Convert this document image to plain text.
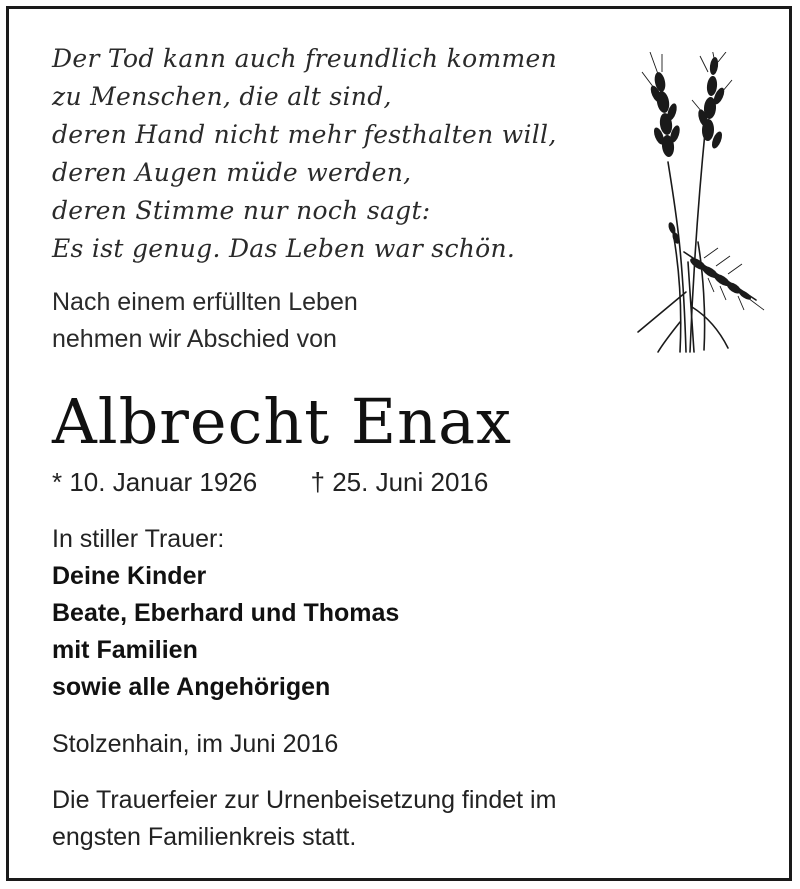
Der Tod kann auch freundlich kommen
zu Menschen, die alt sind,
deren Hand nicht mehr festhalten will,
deren Augen müde werden,
deren Stimme nur noch sagt:
Es ist genug. Das Leben war schön.
Nach einem erfüllten Leben
nehmen wir Abschied von
Albrecht Enax
* 10. Januar 1926 † 25. Juni 2016
In stiller Trauer:
Deine Kinder
Beate, Eberhard und Thomas
mit Familien
sowie alle Angehörigen
Stolzenhain, im Juni 2016
Die Trauerfeier zur Urnenbeisetzung findet im
engsten Familienkreis statt.
